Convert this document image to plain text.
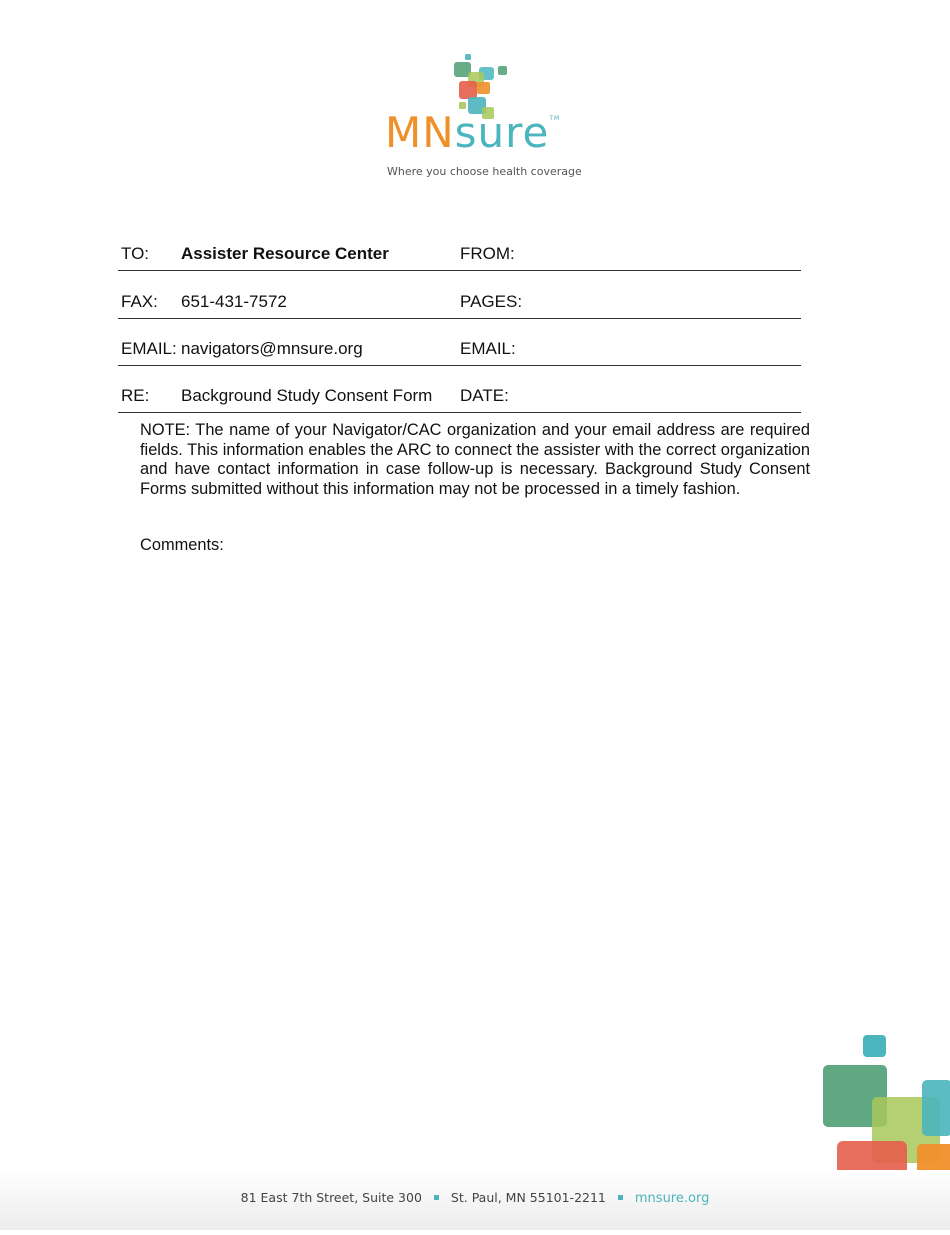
MNsure™
Where you choose health coverage
TO: Assister Resource Center	FROM:
FAX: 651-431-7572	PAGES:
EMAIL: navigators@mnsure.org	EMAIL:
RE: Background Study Consent Form DATE:
NOTE: The name of your Navigator/CAC organization and your email address are required fields. This information enables the ARC to connect the assister with the correct organization and have contact information in case follow-up is necessary. Background Study Consent Forms submitted without this information may not be processed in a timely fashion.
Comments:
81 East 7th Street, Suite 300 St. Paul, MN 55101-2211 mnsure.org
